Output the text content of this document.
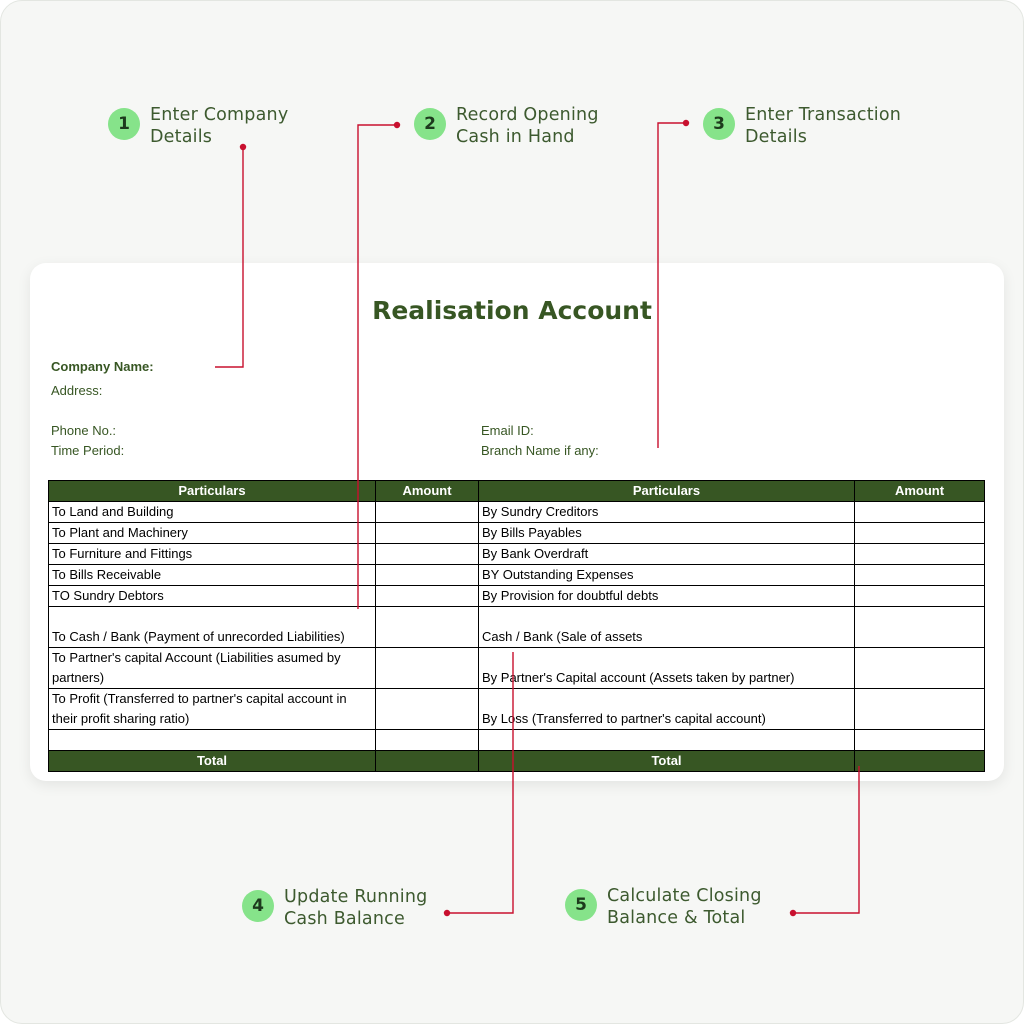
1	Enter Company
Details
2	Record Opening
Cash in Hand
3	Enter Transaction
Details
4	Update Running
Cash Balance
5	Calculate Closing
Balance & Total
Realisation Account
Company Name:
Address:
Phone No.:
Time Period:
Email ID:
Branch Name if any:
Particulars	Amount	Particulars	Amount
To Land and Building		By Sundry Creditors	
To Plant and Machinery		By Bills Payables	
To Furniture and Fittings		By Bank Overdraft	
To Bills Receivable		BY Outstanding Expenses	
TO Sundry Debtors		By Provision for doubtful debts	
To Cash / Bank (Payment of unrecorded Liabilities)		Cash / Bank (Sale of assets	
To Partner's capital Account (Liabilities asumed by partners)		By Partner's Capital account (Assets taken by partner)	
To Profit (Transferred to partner's capital account in their profit sharing ratio)		By Loss (Transferred to partner's capital account)	

Total		Total	
